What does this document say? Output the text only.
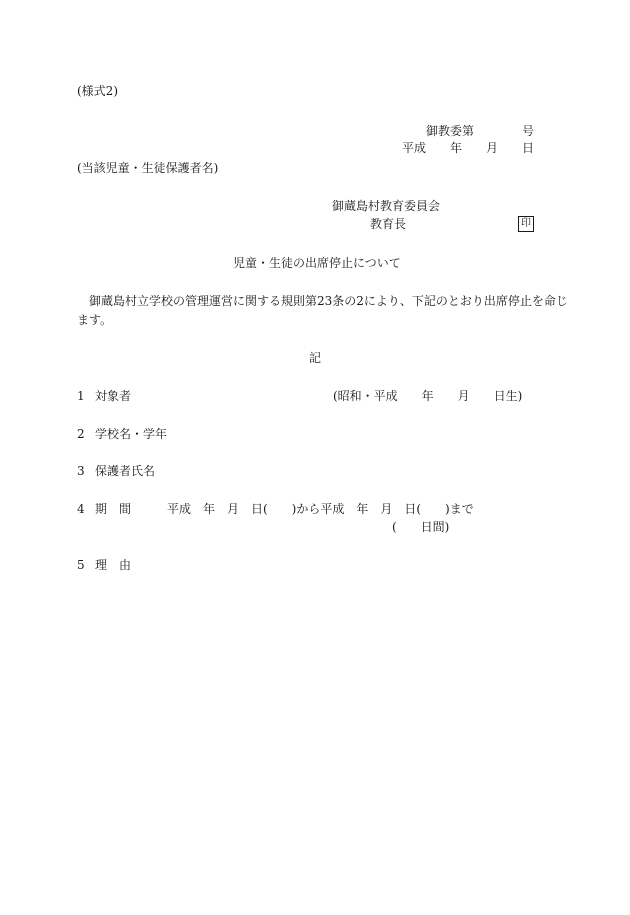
(様式2)
御教委第　　　　号
平成　　年　　月　　日
(当該児童・生徒保護者名)
御蔵島村教育委員会
教育長	印
児童・生徒の出席停止について
御蔵島村立学校の管理運営に関する規則第23条の2により、下記のとおり出席停止を命じ
ます。
記
1 対象者	(昭和・平成　　年　　月　　日生)
2 学校名・学年
3 保護者氏名
4 期　間	平成　年　月　日(　　)から平成　年　月　日(　　)まで
(　　日間)
5 理　由
